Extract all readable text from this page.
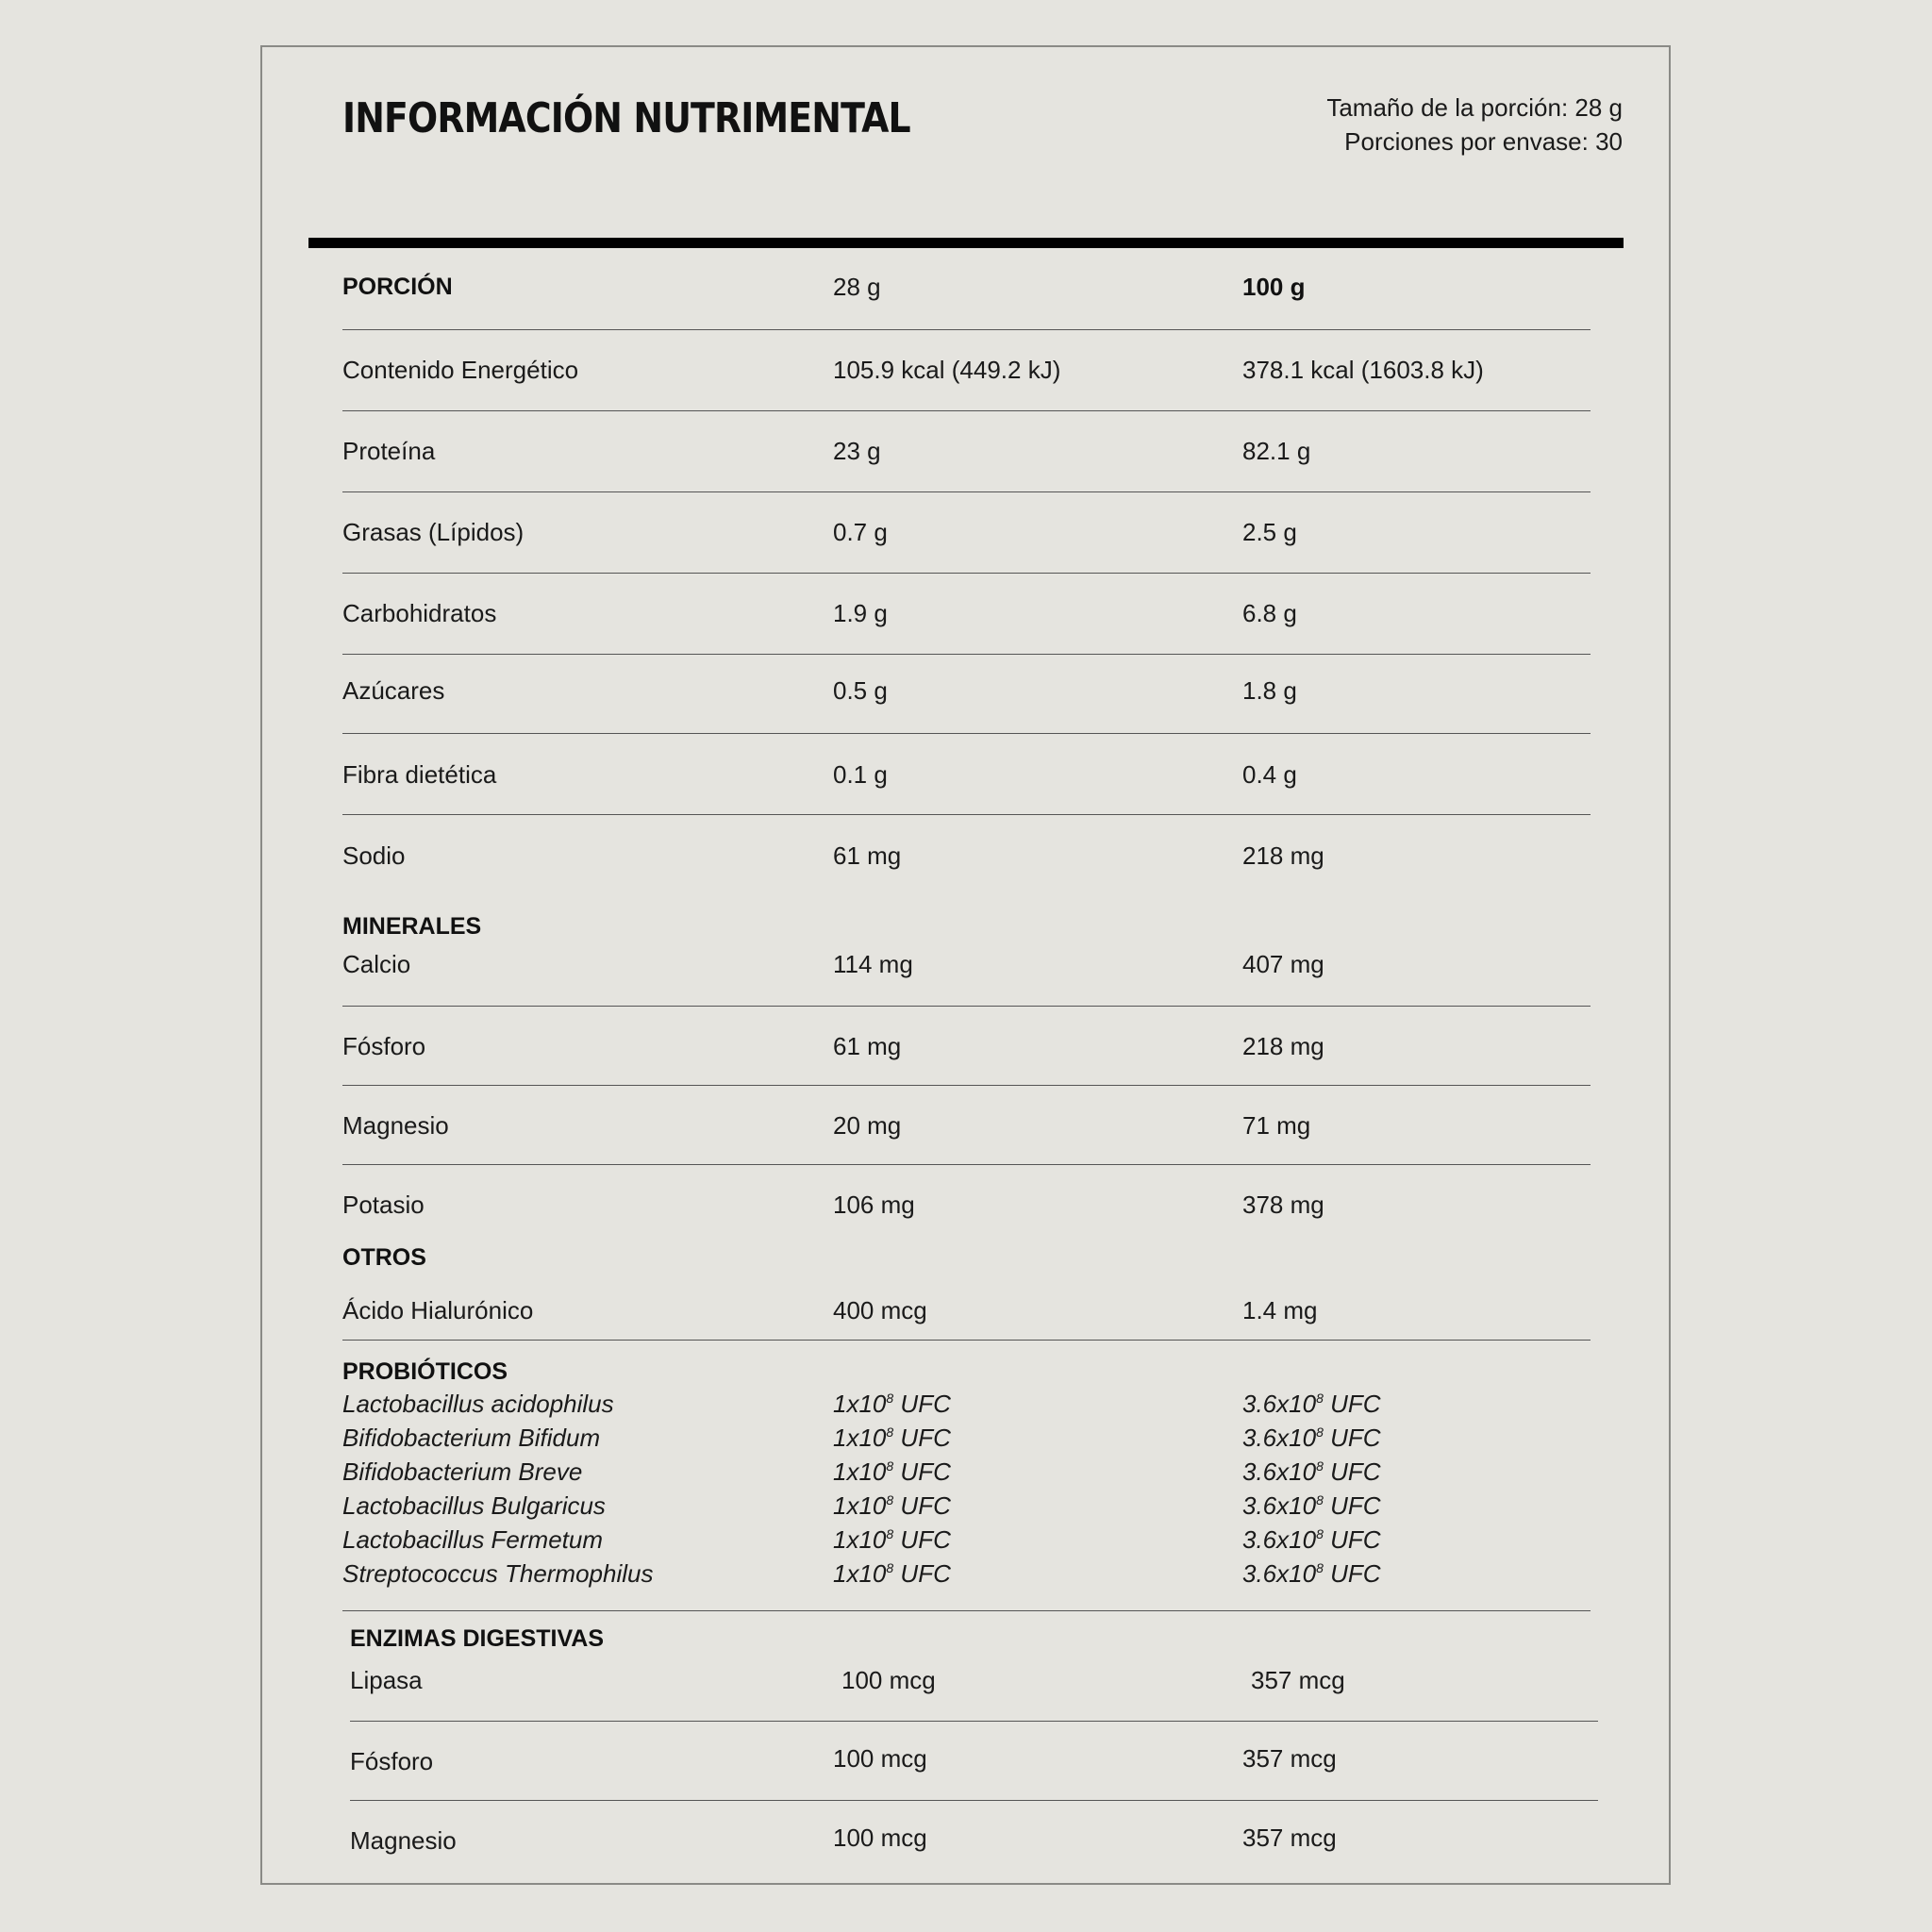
INFORMACIÓN NUTRIMENTAL	Tamaño de la porción: 28 g
Porciones por envase: 30
PORCIÓN	28 g	100 g
Contenido Energético	105.9 kcal (449.2 kJ)	378.1 kcal (1603.8 kJ)
Proteína	23 g	82.1 g
Grasas (Lípidos)	0.7 g	2.5 g
Carbohidratos	1.9 g	6.8 g
Azúcares	0.5 g	1.8 g
Fibra dietética	0.1 g	0.4 g
Sodio	61 mg	218 mg
MINERALES
Calcio	114 mg	407 mg
Fósforo	61 mg	218 mg
Magnesio	20 mg	71 mg
Potasio	106 mg	378 mg
OTROS
Ácido Hialurónico	400 mcg	1.4 mg
PROBIÓTICOS
Lactobacillus acidophilus	$1x10^8$ UFC	$3.6x10^8$ UFC
Bifidobacterium Bifidum	$1x10^8$ UFC	$3.6x10^8$ UFC
Bifidobacterium Breve	$1x10^8$ UFC	$3.6x10^8$ UFC
Lactobacillus Bulgaricus	$1x10^8$ UFC	$3.6x10^8$ UFC
Lactobacillus Fermetum	$1x10^8$ UFC	$3.6x10^8$ UFC
Streptococcus Thermophilus	$1x10^8$ UFC	$3.6x10^8$ UFC
ENZIMAS DIGESTIVAS
Lipasa	100 mcg	357 mcg
Fósforo	100 mcg	357 mcg
Magnesio	100 mcg	357 mcg
